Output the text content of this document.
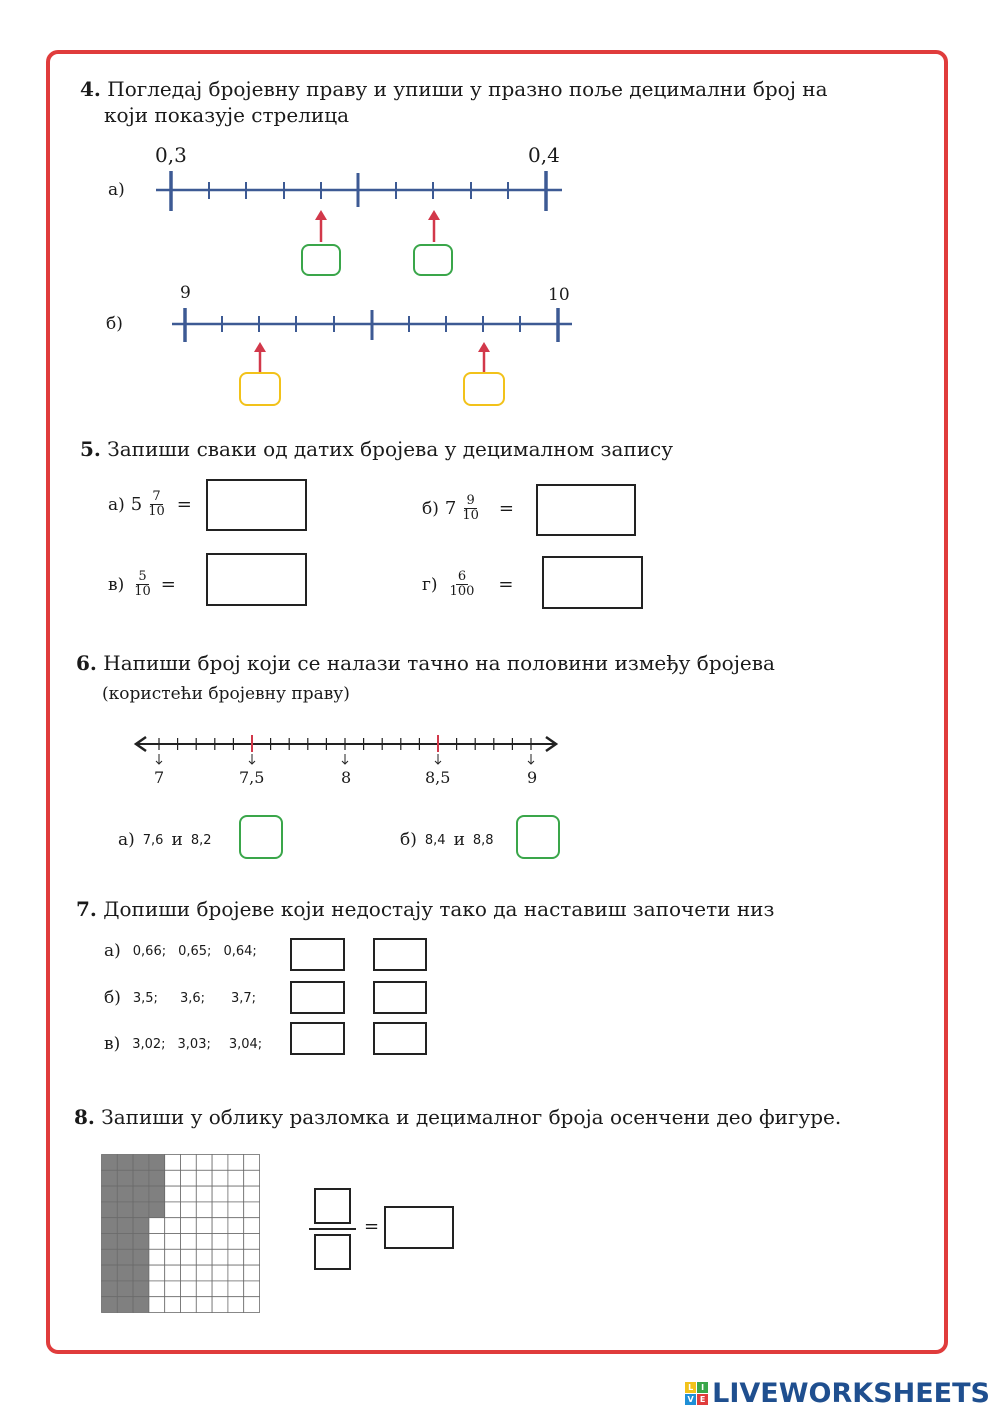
4. Погледај бројевну праву и упиши у празно поље децимални број на
који показује стрелица
а)
0,3	0,4
б)
9	10
5. Запиши сваки од датих бројева у децималном запису
а) $5 \frac{7}{10}$ =	б) $7 \frac{9}{10}$ =
$в) \frac{5}{10}$ =	$г) \frac{6}{100}$ =
6. Напиши број који се налази тачно на половини између бројева
(користећи бројевну праву)
7	7,5	8	8,5	9
а) 7,6 и 8,2	б) 8,4 и 8,8
7. Допиши бројеве који недостају тако да наставиш започети низ
а) 0,66; 0,65; 0,64;
б) 3,5; 3,6; 3,7;
в) 3,02; 3,03; 3,04;
8. Запиши у облику разломка и децималног броја осенчени део фигуре.
=
L I
V E LIVEWORKSHEETS
